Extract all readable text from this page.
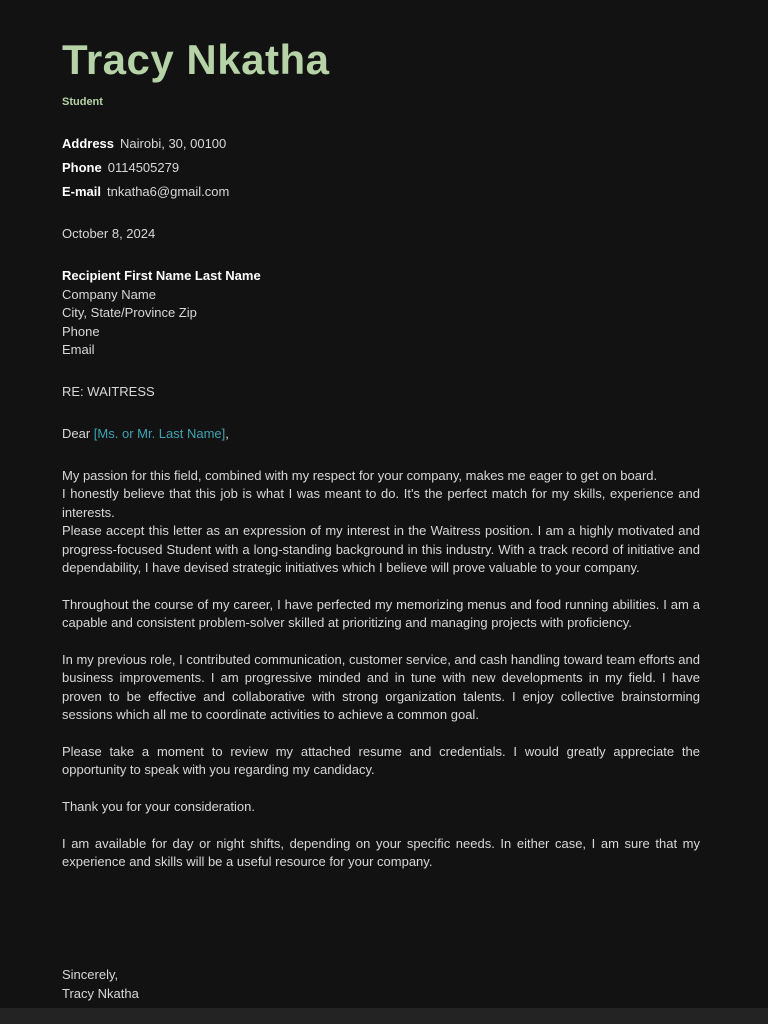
Tracy Nkatha
Student
Address Nairobi, 30, 00100
Phone 0114505279
E-mail tnkatha6@gmail.com
October 8, 2024
Recipient First Name Last Name
Company Name
City, State/Province Zip
Phone
Email
RE: WAITRESS
Dear [Ms. or Mr. Last Name],

My passion for this field, combined with my respect for your company, makes me eager to get on board.
I honestly believe that this job is what I was meant to do. It's the perfect match for my skills, experience and interests.
Please accept this letter as an expression of my interest in the Waitress position. I am a highly motivated and progress-focused Student with a long-standing background in this industry. With a track record of initiative and dependability, I have devised strategic initiatives which I believe will prove valuable to your company.

Throughout the course of my career, I have perfected my memorizing menus and food running abilities. I am a capable and consistent problem-solver skilled at prioritizing and managing projects with proficiency.

In my previous role, I contributed communication, customer service, and cash handling toward team efforts and business improvements. I am progressive minded and in tune with new developments in my field. I have proven to be effective and collaborative with strong organization talents. I enjoy collective brainstorming sessions which all me to coordinate activities to achieve a common goal.

Please take a moment to review my attached resume and credentials. I would greatly appreciate the opportunity to speak with you regarding my candidacy.

Thank you for your consideration.

I am available for day or night shifts, depending on your specific needs. In either case, I am sure that my experience and skills will be a useful resource for your company.

Sincerely,
Tracy Nkatha
